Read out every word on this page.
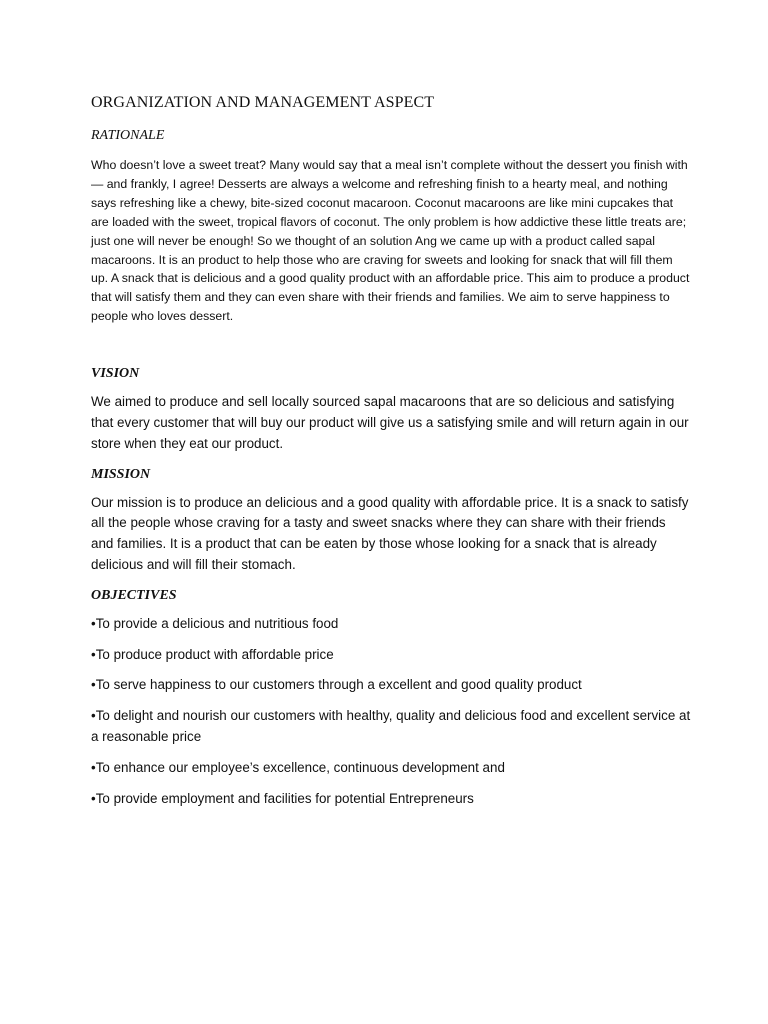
ORGANIZATION AND MANAGEMENT ASPECT
RATIONALE

Who doesn’t love a sweet treat? Many would say that a meal isn’t complete without the dessert you finish with — and frankly, I agree! Desserts are always a welcome and refreshing finish to a hearty meal, and nothing says refreshing like a chewy, bite-sized coconut macaroon. Coconut macaroons are like mini cupcakes that are loaded with the sweet, tropical flavors of coconut. The only problem is how addictive these little treats are; just one will never be enough! So we thought of an solution Ang we came up with a product called sapal macaroons. It is an product to help those who are craving for sweets and looking for snack that will fill them up. A snack that is delicious and a good quality product with an affordable price. This aim to produce a product that will satisfy them and they can even share with their friends and families. We aim to serve happiness to people who loves dessert.

VISION

We aimed to produce and sell locally sourced sapal macaroons that are so delicious and satisfying that every customer that will buy our product will give us a satisfying smile and will return again in our store when they eat our product.

MISSION

Our mission is to produce an delicious and a good quality with affordable price. It is a snack to satisfy all the people whose craving for a tasty and sweet snacks where they can share with their friends and families. It is a product that can be eaten by those whose looking for a snack that is already delicious and will fill their stomach.

OBJECTIVES
•To provide a delicious and nutritious food
•To produce product with affordable price
•To serve happiness to our customers through a excellent and good quality product
•To delight and nourish our customers with healthy, quality and delicious food and excellent service at a reasonable price
•To enhance our employee’s excellence, continuous development and
•To provide employment and facilities for potential Entrepreneurs
